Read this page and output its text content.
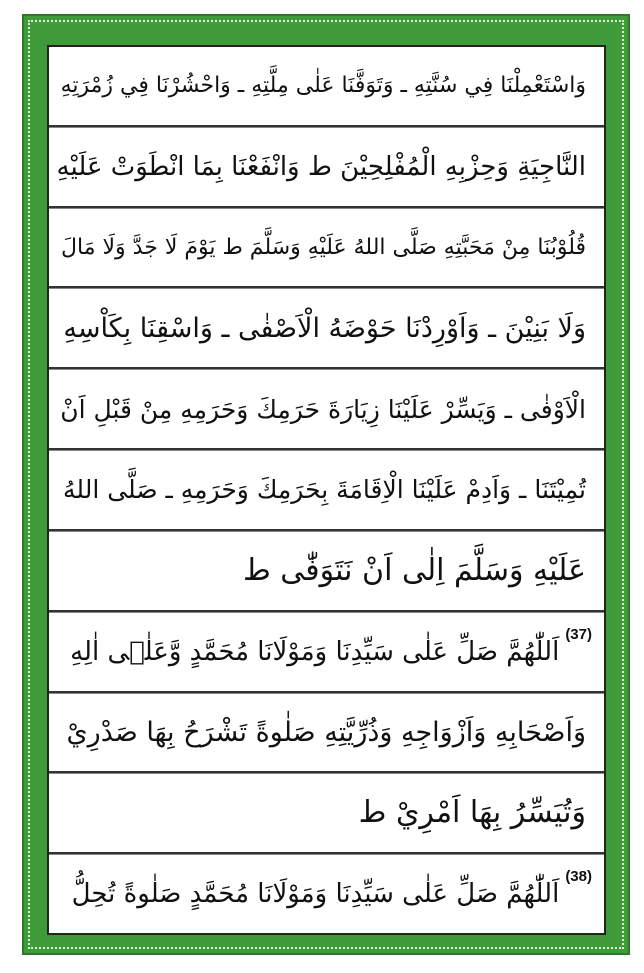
وَاسْتَعْمِلْنَا فِي سُنَّتِهِ ـ وَتَوَفَّنَا عَلٰى مِلَّتِهِ ـ وَاحْشُرْنَا فِي زُمْرَتِهِ
النَّاجِيَةِ وَحِزْبِهِ الْمُفْلِحِيْنَ ط وَانْفَعْنَا بِمَا انْطَوَتْ عَلَيْهِ
قُلُوْبُنَا مِنْ مَحَبَّتِهِ صَلَّى اللهُ عَلَيْهِ وَسَلَّمَ ط يَوْمَ لَا جَدَّ وَلَا مَالَ
وَلَا بَنِيْنَ ـ وَاَوْرِدْنَا حَوْضَهُ الْاَصْفٰى ـ وَاسْقِنَا بِكَاْسِهِ
الْاَوْفٰى ـ وَيَسِّرْ عَلَيْنَا زِيَارَةَ حَرَمِكَ وَحَرَمِهِ مِنْ قَبْلِ اَنْ
تُمِيْتَنَا ـ وَاَدِمْ عَلَيْنَا الْاِقَامَةَ بِحَرَمِكَ وَحَرَمِهِ ـ صَلَّى اللهُ
عَلَيْهِ وَسَلَّمَ اِلٰى اَنْ نَتَوَفّٰى ط
(37)
اَللّٰهُمَّ صَلِّ عَلٰى سَيِّدِنَا وَمَوْلَانَا مُحَمَّدٍ وَّعَلٰۤى اٰلِهِ
وَاَصْحَابِهِ وَاَزْوَاجِهِ وَذُرِّيَّتِهِ صَلٰوةً تَشْرَحُ بِهَا صَدْرِيْ
وَتُيَسِّرُ بِهَا اَمْرِيْ ط
(38)
اَللّٰهُمَّ صَلِّ عَلٰى سَيِّدِنَا وَمَوْلَانَا مُحَمَّدٍ صَلٰوةً تُحِلُّ
